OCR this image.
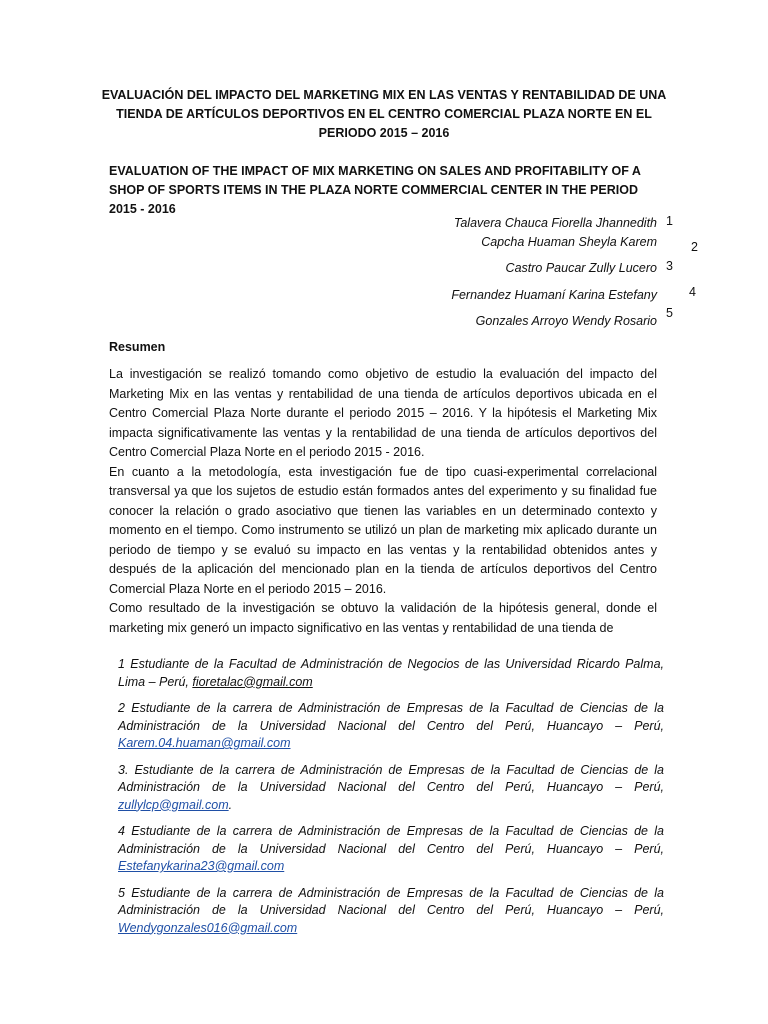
EVALUACIÓN DEL IMPACTO DEL MARKETING MIX EN LAS VENTAS Y RENTABILIDAD DE UNA TIENDA DE ARTÍCULOS DEPORTIVOS EN EL CENTRO COMERCIAL PLAZA NORTE EN EL PERIODO 2015 – 2016
EVALUATION OF THE IMPACT OF MIX MARKETING ON SALES AND PROFITABILITY OF A SHOP OF SPORTS ITEMS IN THE PLAZA NORTE COMMERCIAL CENTER IN THE PERIOD 2015 - 2016
Talavera Chauca Fiorella Jhannedith 1
Capcha Huaman Sheyla Karem	2
Castro Paucar Zully Lucero 3
Fernandez Huamaní Karina Estefany	4
Gonzales Arroyo Wendy Rosario
5
Resumen

La investigación se realizó tomando como objetivo de estudio la evaluación del impacto del Marketing Mix en las ventas y rentabilidad de una tienda de artículos deportivos ubicada en el Centro Comercial Plaza Norte durante el periodo 2015 – 2016. Y la hipótesis el Marketing Mix impacta significativamente las ventas y la rentabilidad de una tienda de artículos deportivos del Centro Comercial Plaza Norte en el periodo 2015 - 2016.

En cuanto a la metodología, esta investigación fue de tipo cuasi-experimental correlacional transversal ya que los sujetos de estudio están formados antes del experimento y su finalidad fue conocer la relación o grado asociativo que tienen las variables en un determinado contexto y momento en el tiempo. Como instrumento se utilizó un plan de marketing mix aplicado durante un periodo de tiempo y se evaluó su impacto en las ventas y la rentabilidad obtenidos antes y después de la aplicación del mencionado plan en la tienda de artículos deportivos del Centro Comercial Plaza Norte en el periodo 2015 – 2016.

Como resultado de la investigación se obtuvo la validación de la hipótesis general, donde el marketing mix generó un impacto significativo en las ventas y rentabilidad de una tienda de

1 Estudiante de la Facultad de Administración de Negocios de las Universidad Ricardo Palma, Lima – Perú, fioretalac@gmail.com

2 Estudiante de la carrera de Administración de Empresas de la Facultad de Ciencias de la Administración de la Universidad Nacional del Centro del Perú, Huancayo – Perú, Karem.04.huaman@gmail.com

3. Estudiante de la carrera de Administración de Empresas de la Facultad de Ciencias de la Administración de la Universidad Nacional del Centro del Perú, Huancayo – Perú, zullylcp@gmail.com.

4 Estudiante de la carrera de Administración de Empresas de la Facultad de Ciencias de la Administración de la Universidad Nacional del Centro del Perú, Huancayo – Perú, Estefanykarina23@gmail.com

5 Estudiante de la carrera de Administración de Empresas de la Facultad de Ciencias de la Administración de la Universidad Nacional del Centro del Perú, Huancayo – Perú, Wendygonzales016@gmail.com
